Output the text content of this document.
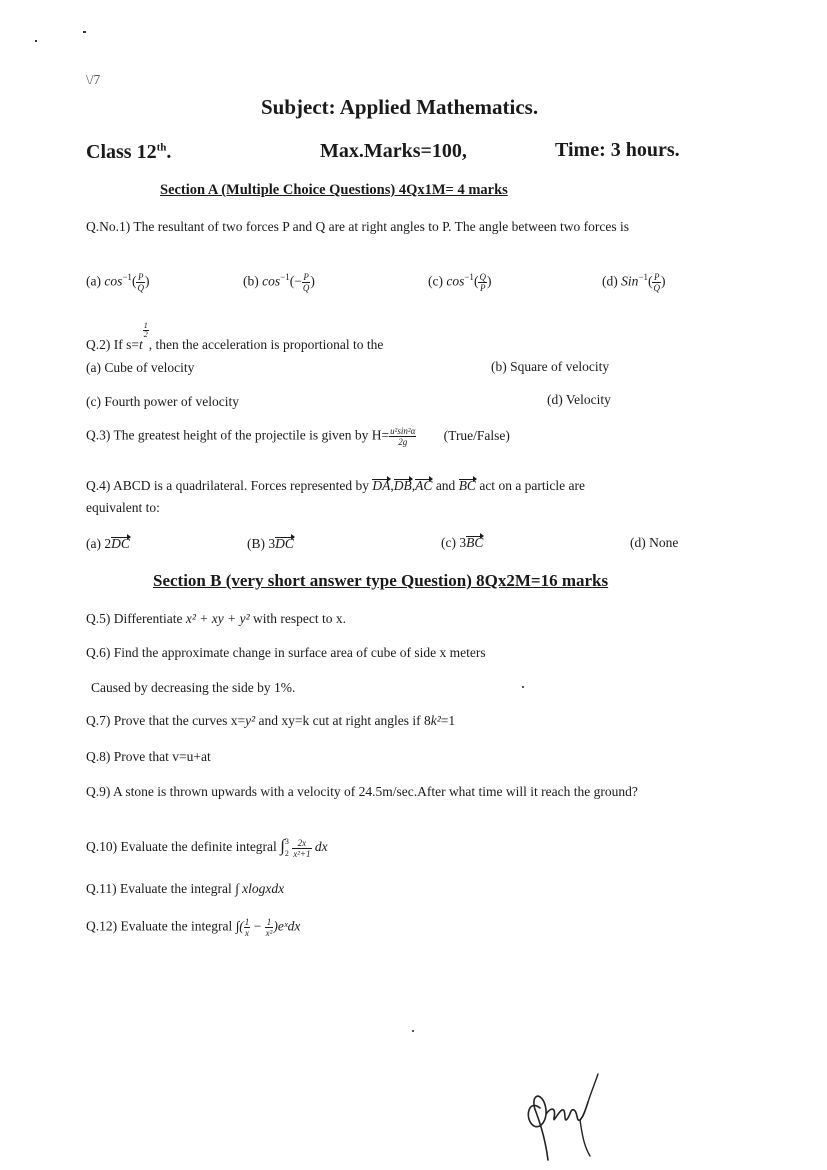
\/7
Subject: Applied Mathematics.
Class 12th.	Max.Marks=100,	Time: 3 hours.
Section A (Multiple Choice Questions) 4Qx1M= 4 marks
Q.No.1) The resultant of two forces P and Q are at right angles to P. The angle between two forces is
(a) $\cos^{-1}( \frac{P}{Q}$ )	(b) $\cos^{-1}(- \frac{P}{Q}$ )	(c) $\cos^{-1}( \frac{Q}{P}$ )	(d) $Sin^{-1}( \frac{P}{Q}$ )
Q.2) If s=t
$\frac{1}{2}$
, then the acceleration is proportional to the
(a) Cube of velocity	(b) Square of velocity
(c) Fourth power of velocity	(d) Velocity
Q.3) The greatest height of the projectile is given by $H= \frac{\text{u²sin²α}}{2g}$ (True/False)
Q.4) ABCD is a quadrilateral. Forces represented by DA,DB,AC and BC act on a particle are
equivalent to:
(a) 2DC	(B) 3DC	(c) 3BC	(d) None
Section B (very short answer type Question) 8Qx2M=16 marks
Q.5) Differentiate x² + xy + y² with respect to x.
Q.6) Find the approximate change in surface area of cube of side x meters
Caused by decreasing the side by 1%.
Q.7) Prove that the curves x=y² and xy=k cut at right angles if 8k²=1
Q.8) Prove that v=u+at
Q.9) A stone is thrown upwards with a velocity of 24.5m/sec.After what time will it reach the ground?
Q.10) Evaluate the definite integral ∫ 3
2
$\frac{2x}{\text{x²+1}}$ dx
Q.11) Evaluate the integral ∫ xlogxdx
Q.12) Evaluate the integral ∫( $\frac{1}{x} - \frac{1}{\text{x²}}$ )eˣdx
